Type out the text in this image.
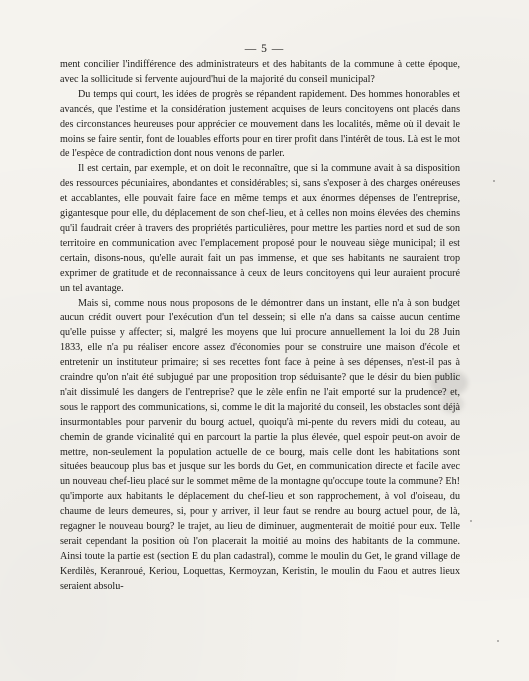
— 5 —

ment concilier l'indifférence des administrateurs et des habitants de la commune à cette époque, avec la sollicitude si fervente aujourd'hui de la majorité du conseil municipal?

Du temps qui court, les idées de progrès se répandent rapidement. Des hommes honorables et avancés, que l'estime et la considération justement acquises de leurs concitoyens ont placés dans des circonstances heureuses pour apprécier ce mouvement dans les localités, même où il devait le moins se faire sentir, font de louables efforts pour en tirer profit dans l'intérêt de tous. Là est le mot de l'espèce de contradiction dont nous venons de parler.

Il est certain, par exemple, et on doit le reconnaître, que si la commune avait à sa disposition des ressources pécuniaires, abondantes et considérables; si, sans s'exposer à des charges onéreuses et accablantes, elle pouvait faire face en même temps et aux énormes dépenses de l'entreprise, gigantesque pour elle, du déplacement de son chef-lieu, et à celles non moins élevées des chemins qu'il faudrait créer à travers des propriétés particulières, pour mettre les parties nord et sud de son territoire en communication avec l'emplacement proposé pour le nouveau siège municipal; il est certain, disons-nous, qu'elle aurait fait un pas immense, et que ses habitants ne sauraient trop exprimer de gratitude et de reconnaissance à ceux de leurs concitoyens qui leur auraient procuré un tel avantage.

Mais si, comme nous nous proposons de le démontrer dans un instant, elle n'a à son budget aucun crédit ouvert pour l'exécution d'un tel dessein; si elle n'a dans sa caisse aucun centime qu'elle puisse y affecter; si, malgré les moyens que lui procure annuellement la loi du 28 Juin 1833, elle n'a pu réaliser encore assez d'économies pour se construire une maison d'école et entretenir un instituteur primaire; si ses recettes font face à peine à ses dépenses, n'est-il pas à craindre qu'on n'ait été subjugué par une proposition trop séduisante? que le désir du bien public n'ait dissimulé les dangers de l'entreprise? que le zèle enfin ne l'ait emporté sur la prudence? et, sous le rapport des communications, si, comme le dit la majorité du conseil, les obstacles sont déjà insurmontables pour parvenir du bourg actuel, quoiqu'à mi-pente du revers midi du coteau, au chemin de grande vicinalité qui en parcourt la partie la plus élevée, quel espoir peut-on avoir de mettre, non-seulement la population actuelle de ce bourg, mais celle dont les habitations sont situées beaucoup plus bas et jusque sur les bords du Get, en communication directe et facile avec un nouveau chef-lieu placé sur le sommet même de la montagne qu'occupe toute la commune? Eh! qu'importe aux habitants le déplacement du chef-lieu et son rapprochement, à vol d'oiseau, du chaume de leurs demeures, si, pour y arriver, il leur faut se rendre au bourg actuel pour, de là, regagner le nouveau bourg? le trajet, au lieu de diminuer, augmenterait de moitié pour eux. Telle serait cependant la position où l'on placerait la moitié au moins des habitants de la commune. Ainsi toute la partie est (section E du plan cadastral), comme le moulin du Get, le grand village de Kerdilès, Keranroué, Keriou, Loquettas, Kermoyzan, Keristin, le moulin du Faou et autres lieux seraient absolu-
